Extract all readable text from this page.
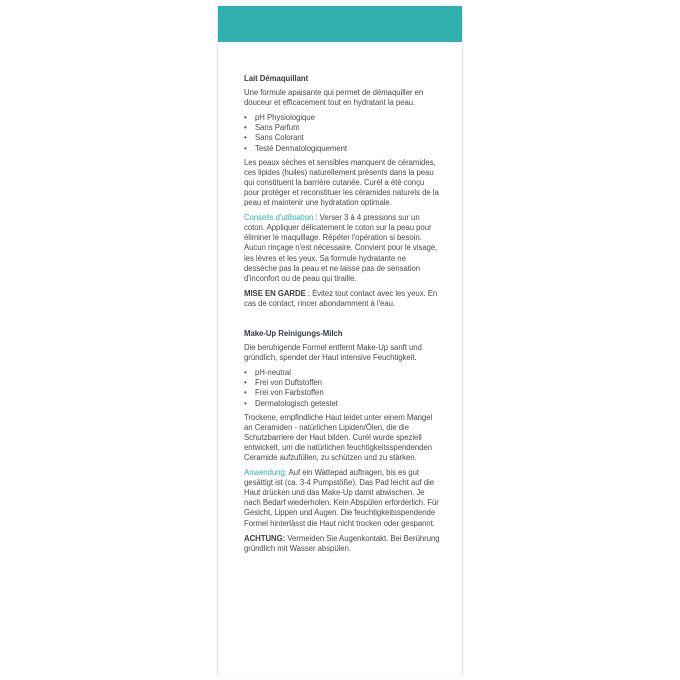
Lait Démaquillant
Une formule apaisante qui permet de démaquiller en douceur et efficacement tout en hydratant la peau.
• pH Physiologique
• Sans Parfum
• Sans Colorant
• Testé Dermatologiquement
Les peaux sèches et sensibles manquent de céramides, ces lipides (huiles) naturellement présents dans la peau qui constituent la barrière cutanée. Curél a été conçu pour protéger et reconstituer les céramides naturels de la peau et maintenir une hydratation optimale.
Conseils d'utilisation : Verser 3 à 4 pressions sur un coton. Appliquer délicatement le coton sur la peau pour éliminer le maquillage. Répéter l'opération si besoin. Aucun rinçage n'est nécessaire. Convient pour le visage, les lèvres et les yeux. Sa formule hydratante ne dessèche pas la peau et ne laisse pas de sensation d'inconfort ou de peau qui tiraille.
MISE EN GARDE : Évitez tout contact avec les yeux. En cas de contact, rincer abondamment à l'eau.
Make-Up Reinigungs-Milch
Die beruhigende Formel entfernt Make-Up sanft und gründlich, spendet der Haut intensive Feuchtigkeit.
• pH-neutral
• Frei von Duftstoffen
• Frei von Farbstoffen
• Dermatologisch getestet
Trockene, empfindliche Haut leidet unter einem Mangel an Ceramiden - natürlichen Lipiden/Ölen, die die Schutzbarriere der Haut bilden. Curél wurde speziell entwickelt, um die natürlichen feuchtigkeitsspendenden Ceramide aufzufüllen, zu schützen und zu stärken.
Anwendung: Auf ein Wattepad auftragen, bis es gut gesättigt ist (ca. 3-4 Pumpstöße). Das Pad leicht auf die Haut drücken und das Make-Up damit abwischen. Je nach Bedarf wiederholen. Kein Abspülen erforderlich. Für Gesicht, Lippen und Augen. Die feuchtigkeitsspendende Formel hinterlässt die Haut nicht trocken oder gespannt.
ACHTUNG: Vermeiden Sie Augenkontakt. Bei Berührung gründlich mit Wasser abspülen.
